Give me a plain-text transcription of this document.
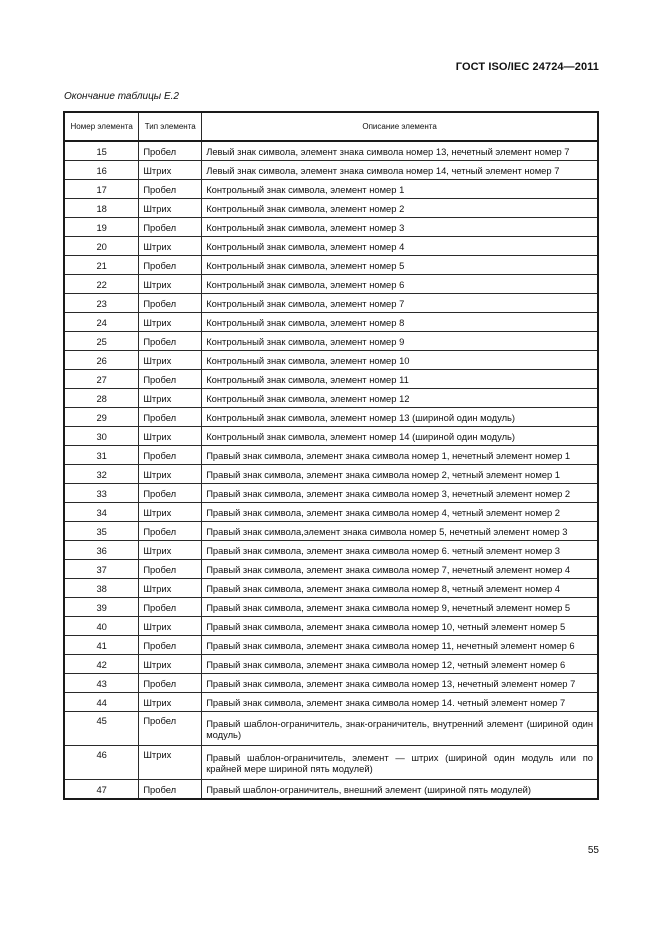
ГОСТ ISO/IEC 24724—2011
Окончание таблицы Е.2
Номер элемента	Тип элемента	Описание элемента
15	Пробел	Левый знак символа, элемент знака символа номер 13, нечетный элемент номер 7
16	Штрих	Левый знак символа, элемент знака символа номер 14, четный элемент номер 7
17	Пробел	Контрольный знак символа, элемент номер 1
18	Штрих	Контрольный знак символа, элемент номер 2
19	Пробел	Контрольный знак символа, элемент номер 3
20	Штрих	Контрольный знак символа, элемент номер 4
21	Пробел	Контрольный знак символа, элемент номер 5
22	Штрих	Контрольный знак символа, элемент номер 6
23	Пробел	Контрольный знак символа, элемент номер 7
24	Штрих	Контрольный знак символа, элемент номер 8
25	Пробел	Контрольный знак символа, элемент номер 9
26	Штрих	Контрольный знак символа, элемент номер 10
27	Пробел	Контрольный знак символа, элемент номер 11
28	Штрих	Контрольный знак символа, элемент номер 12
29	Пробел	Контрольный знак символа, элемент номер 13 (шириной один модуль)
30	Штрих	Контрольный знак символа, элемент номер 14 (шириной один модуль)
31	Пробел	Правый знак символа, элемент знака символа номер 1, нечетный элемент номер 1
32	Штрих	Правый знак символа, элемент знака символа номер 2, четный элемент номер 1
33	Пробел	Правый знак символа, элемент знака символа номер 3, нечетный элемент номер 2
34	Штрих	Правый знак символа, элемент знака символа номер 4, четный элемент номер 2
35	Пробел	Правый знак символа,элемент знака символа номер 5, нечетный элемент номер 3
36	Штрих	Правый знак символа, элемент знака символа номер 6. четный элемент номер 3
37	Пробел	Правый знак символа, элемент знака символа номер 7, нечетный элемент номер 4
38	Штрих	Правый знак символа, элемент знака символа номер 8, четный элемент номер 4
39	Пробел	Правый знак символа, элемент знака символа номер 9, нечетный элемент номер 5
40	Штрих	Правый знак символа, элемент знака символа номер 10, четный элемент номер 5
41	Пробел	Правый знак символа, элемент знака символа номер 11, нечетный элемент номер 6
42	Штрих	Правый знак символа, элемент знака символа номер 12, четный элемент номер 6
43	Пробел	Правый знак символа, элемент знака символа номер 13, нечетный элемент номер 7
44	Штрих	Правый знак символа, элемент знака символа номер 14. четный элемент номер 7
45	Пробел	Правый шаблон-ограничитель, знак-ограничитель, внутренний элемент (шириной один модуль)
46	Штрих	Правый шаблон-ограничитель, элемент — штрих (шириной один модуль или по крайней мере шириной пять модулей)
47	Пробел	Правый шаблон-ограничитель, внешний элемент (шириной пять модулей)
55
